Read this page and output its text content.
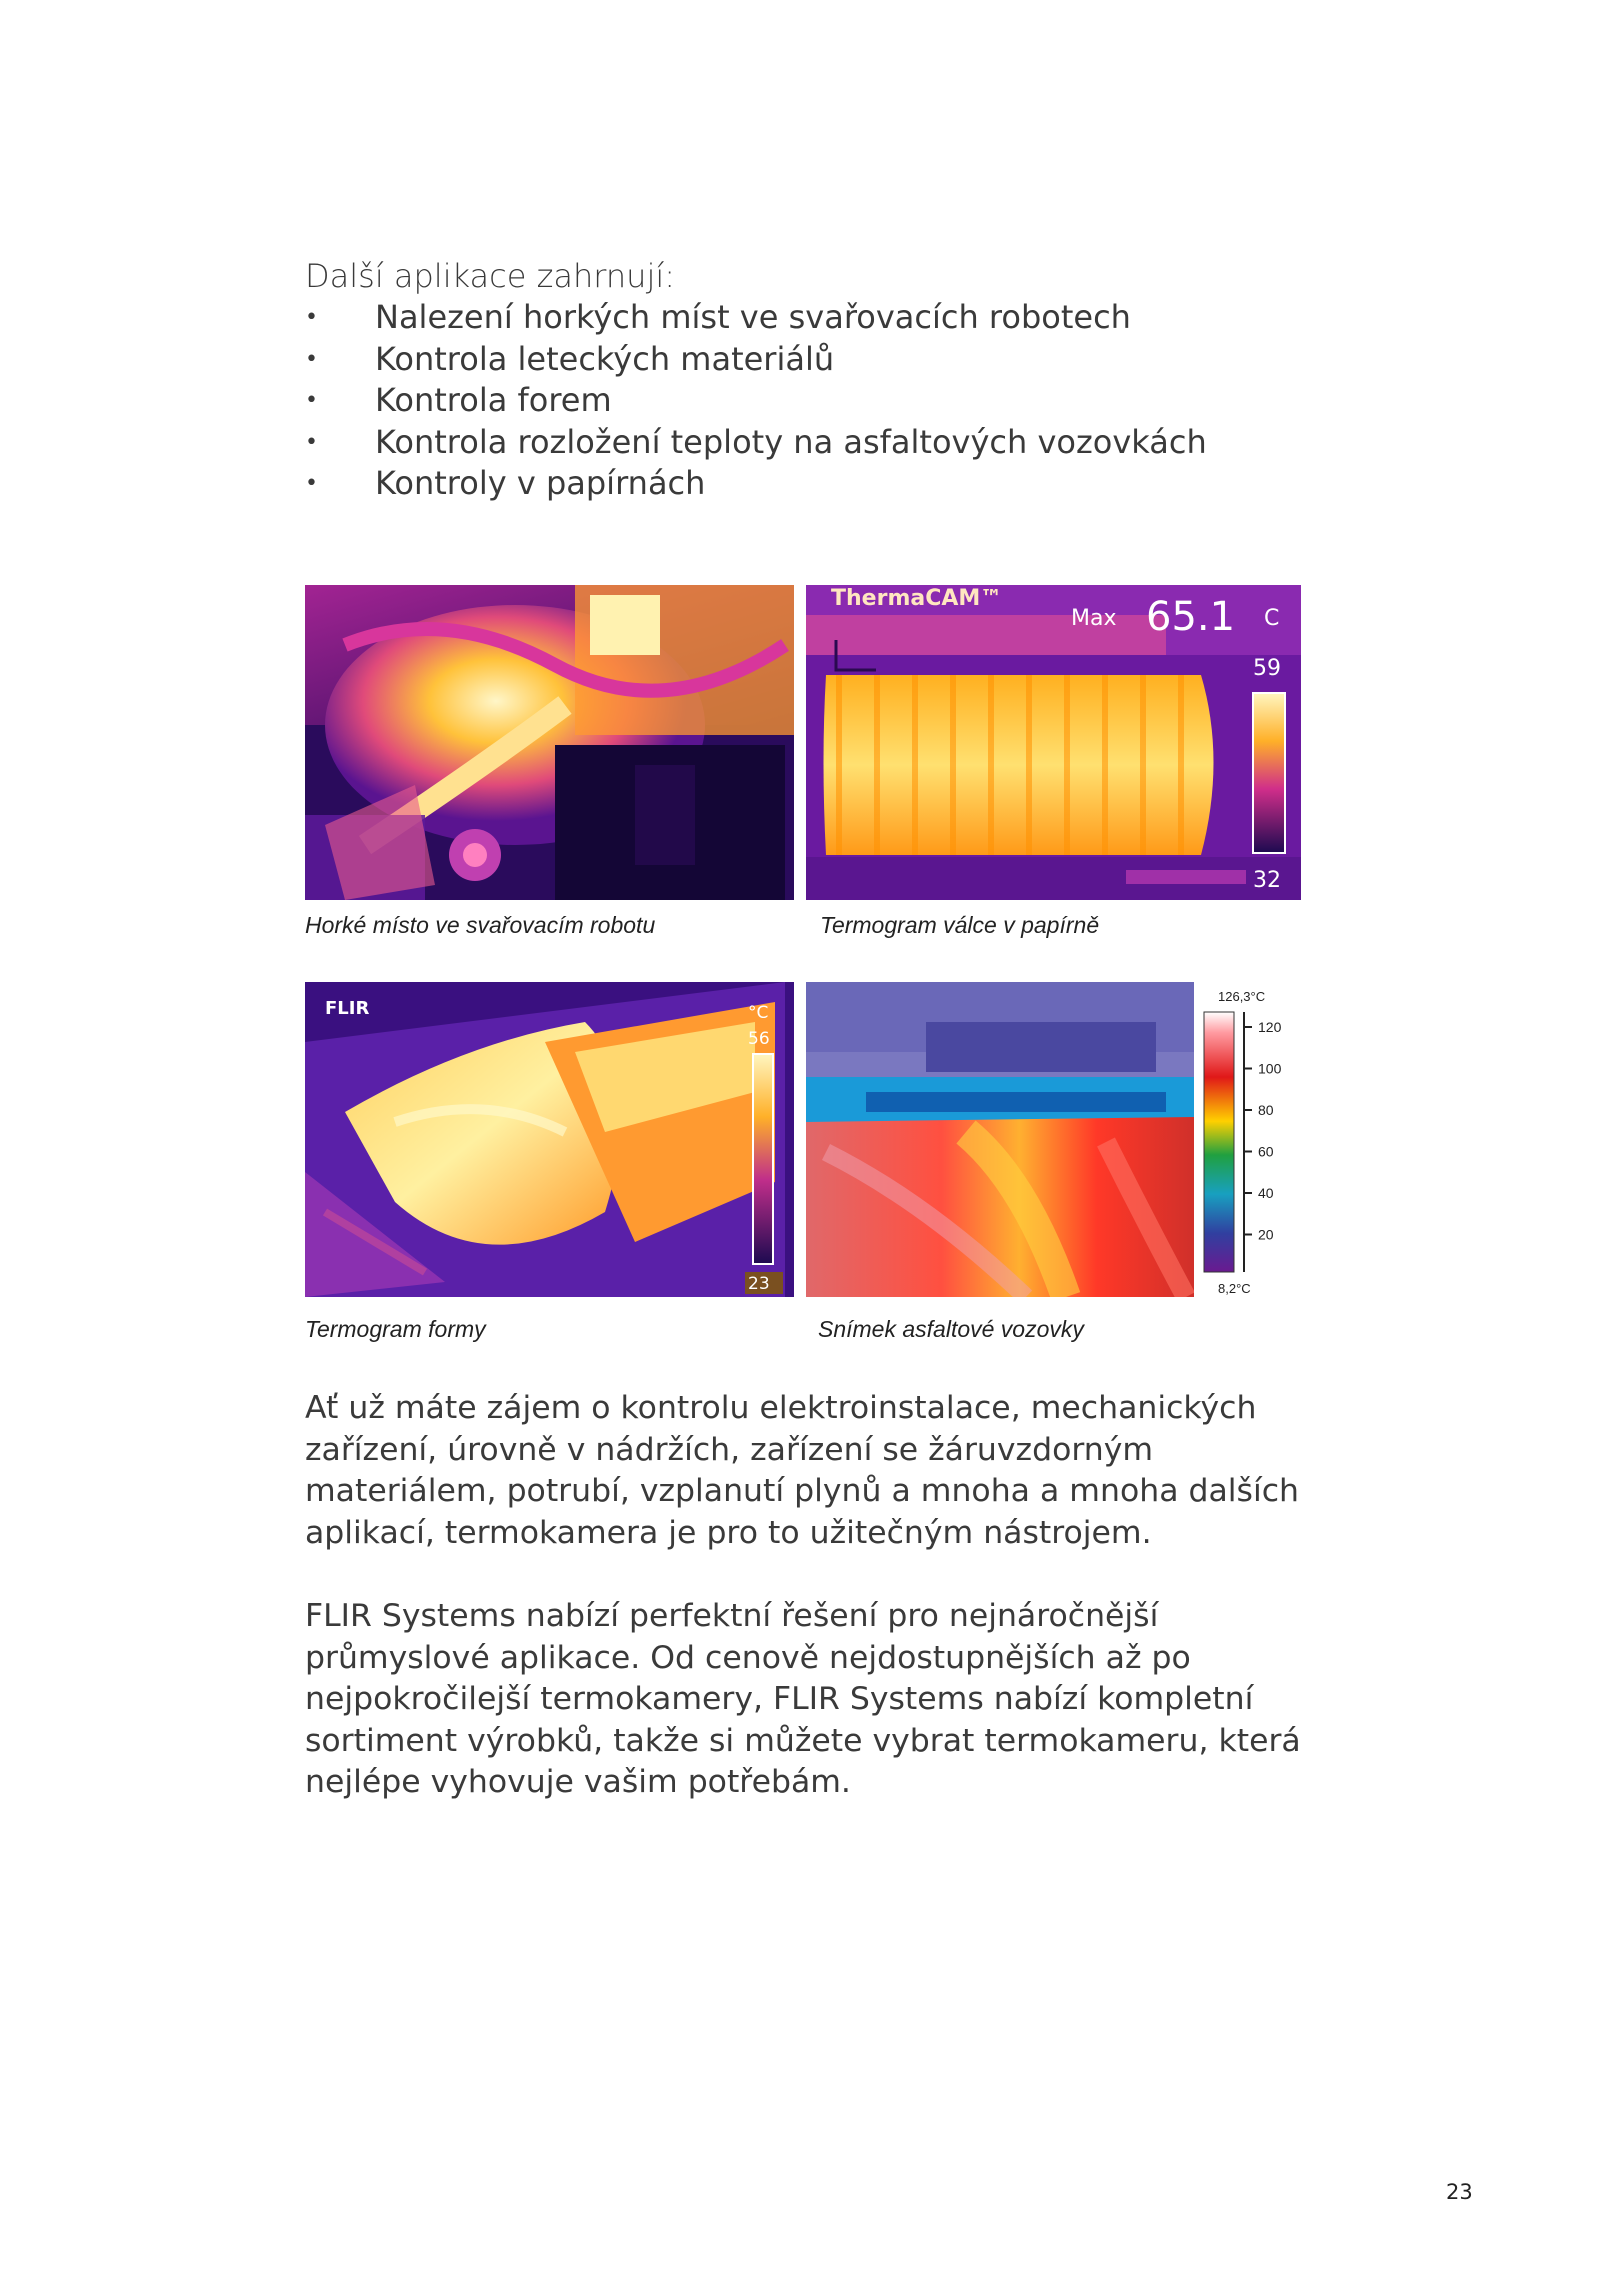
Další aplikace zahrnují:
• Nalezení horkých míst ve svařovacích robotech
• Kontrola leteckých materiálů
• Kontrola forem
• Kontrola rozložení teploty na asfaltových vozovkách
• Kontroly v papírnách
Horké místo ve svařovacím robotu
ThermaCAM™
Max 65.1 C
59
32
Termogram válce v papírně
FLIR	°C
56
23
Termogram formy
126,3°C
120
100
80
60
40
20
8,2°C
Snímek asfaltové vozovky

Ať už máte zájem o kontrolu elektroinstalace, mechanických zařízení, úrovně v nádržích, zařízení se žáruvzdorným materiálem, potrubí, vzplanutí plynů a mnoha a mnoha dalších aplikací, termokamera je pro to užitečným nástrojem.

FLIR Systems nabízí perfektní řešení pro nejnáročnější průmyslové aplikace. Od cenově nejdostupnějších až po nejpokročilejší termokamery, FLIR Systems nabízí kompletní sortiment výrobků, takže si můžete vybrat termokameru, která nejlépe vyhovuje vašim potřebám.

23
